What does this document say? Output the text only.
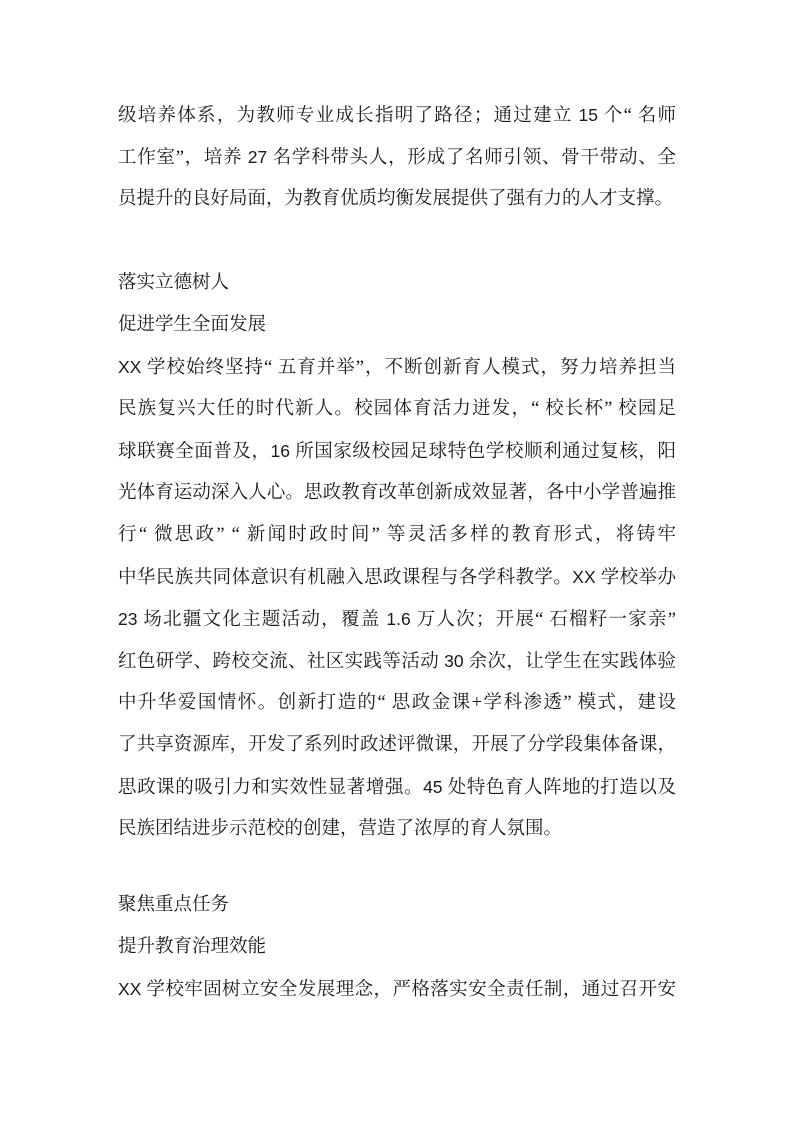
级培养体系，为教师专业成长指明了路径；通过建立 15 个“ 名师
工作室”，培养 27 名学科带头人，形成了名师引领、骨干带动、全
员提升的良好局面，为教育优质均衡发展提供了强有力的人才支撑。
落实立德树人
促进学生全面发展
XX 学校始终坚持“ 五育并举”，不断创新育人模式，努力培养担当
民族复兴大任的时代新人。校园体育活力迸发，“ 校长杯” 校园足
球联赛全面普及，16 所国家级校园足球特色学校顺利通过复核，阳
光体育运动深入人心。思政教育改革创新成效显著，各中小学普遍推
行“ 微思政” “ 新闻时政时间” 等灵活多样的教育形式，将铸牢
中华民族共同体意识有机融入思政课程与各学科教学。XX 学校举办
23 场北疆文化主题活动，覆盖 1.6 万人次；开展“ 石榴籽一家亲”
红色研学、跨校交流、社区实践等活动 30 余次，让学生在实践体验
中升华爱国情怀。创新打造的“ 思政金课+学科渗透” 模式，建设
了共享资源库，开发了系列时政述评微课，开展了分学段集体备课，
思政课的吸引力和实效性显著增强。45 处特色育人阵地的打造以及
民族团结进步示范校的创建，营造了浓厚的育人氛围。
聚焦重点任务
提升教育治理效能
XX 学校牢固树立安全发展理念，严格落实安全责任制，通过召开安
